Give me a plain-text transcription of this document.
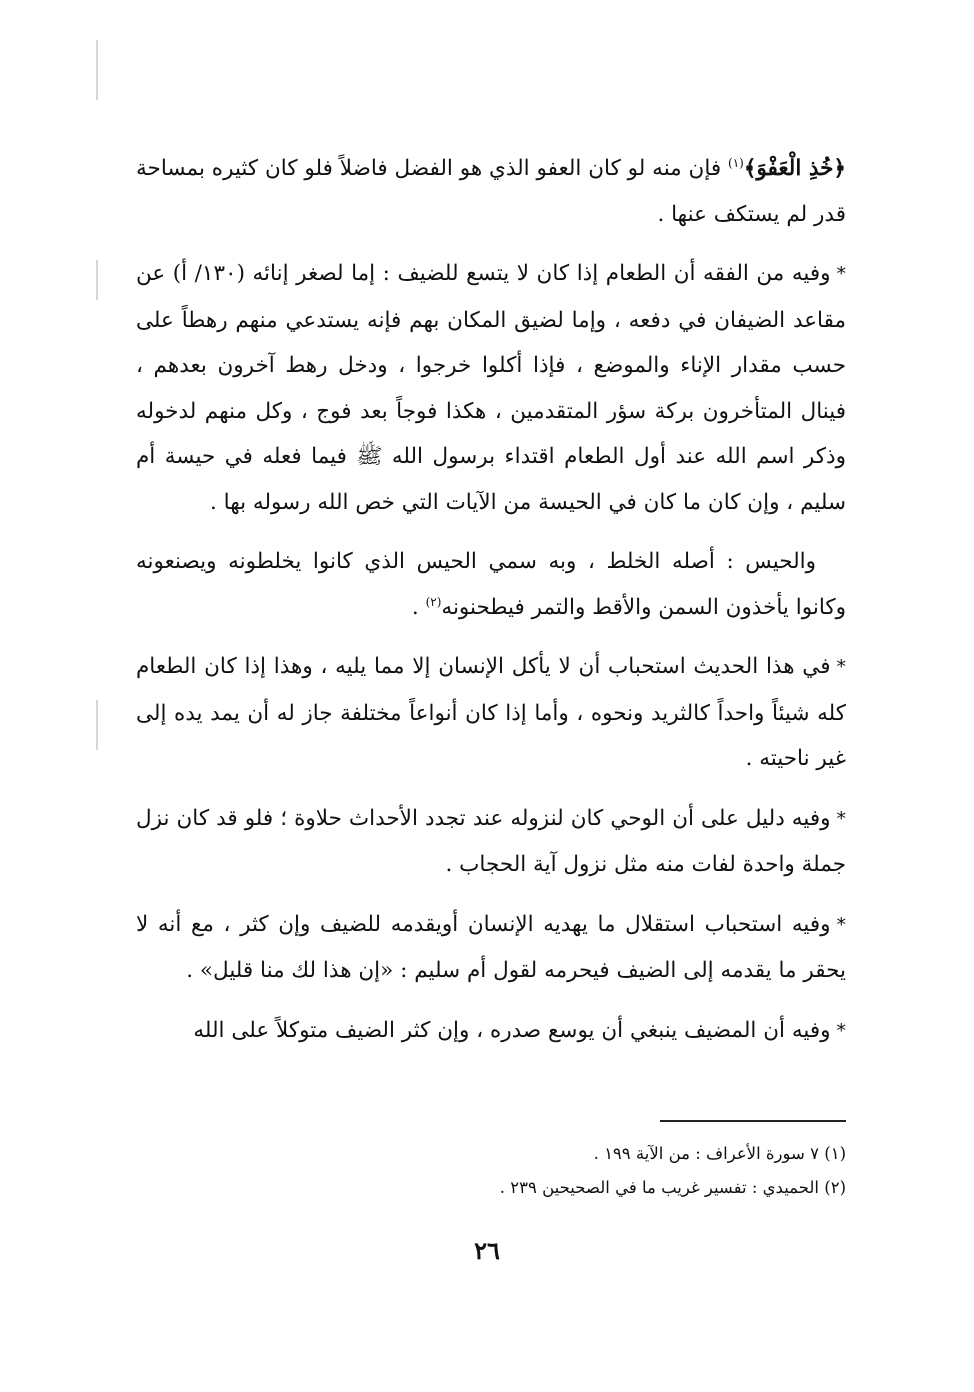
﴿خُذِ الْعَفْوَ﴾$^{(١)}$ فإن منه لو كان العفو الذي هو الفضل فاضلاً فلو كان كثيره بمساحة قدر لم يستكف عنها .

*وفيه من الفقه أن الطعام إذا كان لا يتسع للضيف : إما لصغر إنائه (١٣٠/ أ) عن مقاعد الضيفان في دفعه ، وإما لضيق المكان بهم فإنه يستدعي منهم رهطاً على حسب مقدار الإناء والموضع ، فإذا أكلوا خرجوا ، ودخل رهط آخرون بعدهم ، فينال المتأخرون بركة سؤر المتقدمين ، هكذا فوجاً بعد فوج ، وكل منهم لدخوله وذكر اسم الله عند أول الطعام اقتداء برسول الله ﷺ فيما فعله في حيسة أم سليم ، وإن كان ما كان في الحيسة من الآيات التي خص الله رسوله بها .

والحيس : أصله الخلط ، وبه سمي الحيس الذي كانوا يخلطونه ويصنعونه وكانوا يأخذون السمن والأقط والتمر فيطحنونه$^{(٢)}$ .

*في هذا الحديث استحباب أن لا يأكل الإنسان إلا مما يليه ، وهذا إذا كان الطعام كله شيئاً واحداً كالثريد ونحوه ، وأما إذا كان أنواعاً مختلفة جاز له أن يمد يده إلى غير ناحيته .

*وفيه دليل على أن الوحي كان لنزوله عند تجدد الأحداث حلاوة ؛ فلو قد كان نزل جملة واحدة لفات منه مثل نزول آية الحجاب .

*وفيه استحباب استقلال ما يهديه الإنسان أويقدمه للضيف وإن كثر ، مع أنه لا يحقر ما يقدمه إلى الضيف فيحرمه لقول أم سليم : «إن هذا لك منا قليل» .

*وفيه أن المضيف ينبغي أن يوسع صدره ، وإن كثر الضيف متوكلاً على الله

(١) ٧ سورة الأعراف : من الآية ١٩٩ .

(٢) الحميدي : تفسير غريب ما في الصحيحين ٢٣٩ .

٢٦
